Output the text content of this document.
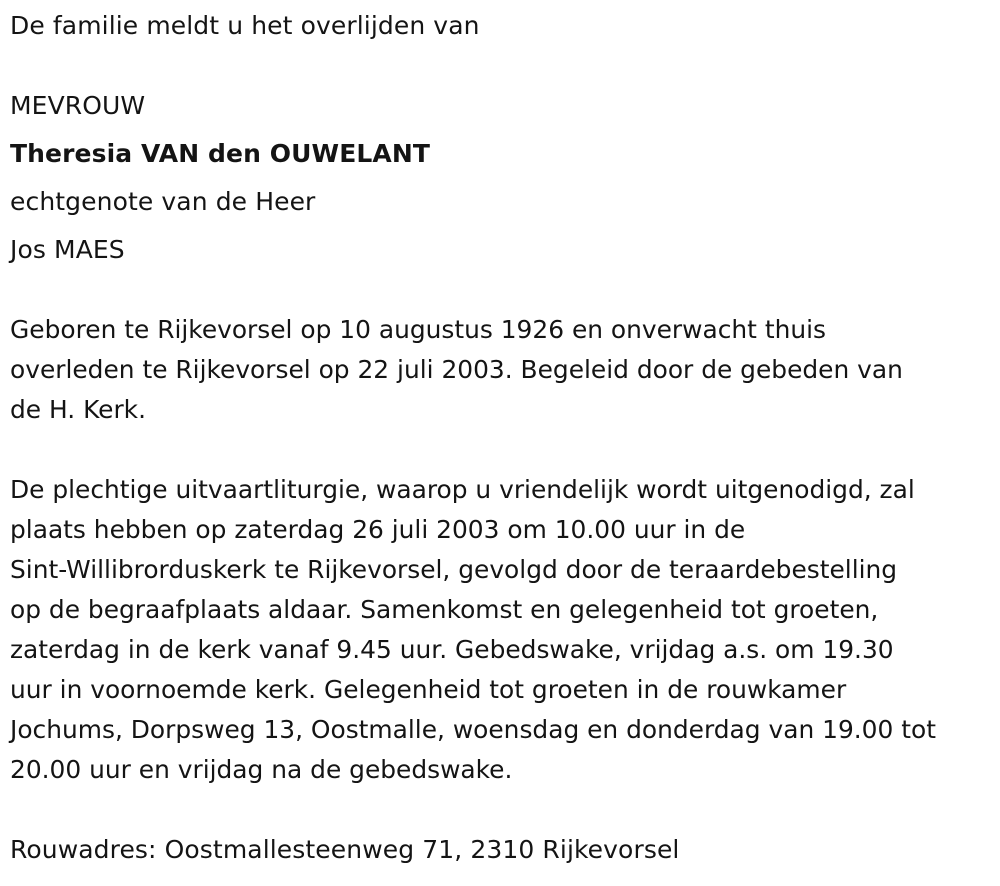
De familie meldt u het overlijden van
MEVROUW
Theresia VAN den OUWELANT
echtgenote van de Heer
Jos MAES
Geboren te Rijkevorsel op 10 augustus 1926 en onverwacht thuis
overleden te Rijkevorsel op 22 juli 2003. Begeleid door de gebeden van
de H. Kerk.
De plechtige uitvaartliturgie, waarop u vriendelijk wordt uitgenodigd, zal
plaats hebben op zaterdag 26 juli 2003 om 10.00 uur in de
Sint-Willibrorduskerk te Rijkevorsel, gevolgd door de teraardebestelling
op de begraafplaats aldaar. Samenkomst en gelegenheid tot groeten,
zaterdag in de kerk vanaf 9.45 uur. Gebedswake, vrijdag a.s. om 19.30
uur in voornoemde kerk. Gelegenheid tot groeten in de rouwkamer
Jochums, Dorpsweg 13, Oostmalle, woensdag en donderdag van 19.00 tot
20.00 uur en vrijdag na de gebedswake.
Rouwadres: Oostmallesteenweg 71, 2310 Rijkevorsel
